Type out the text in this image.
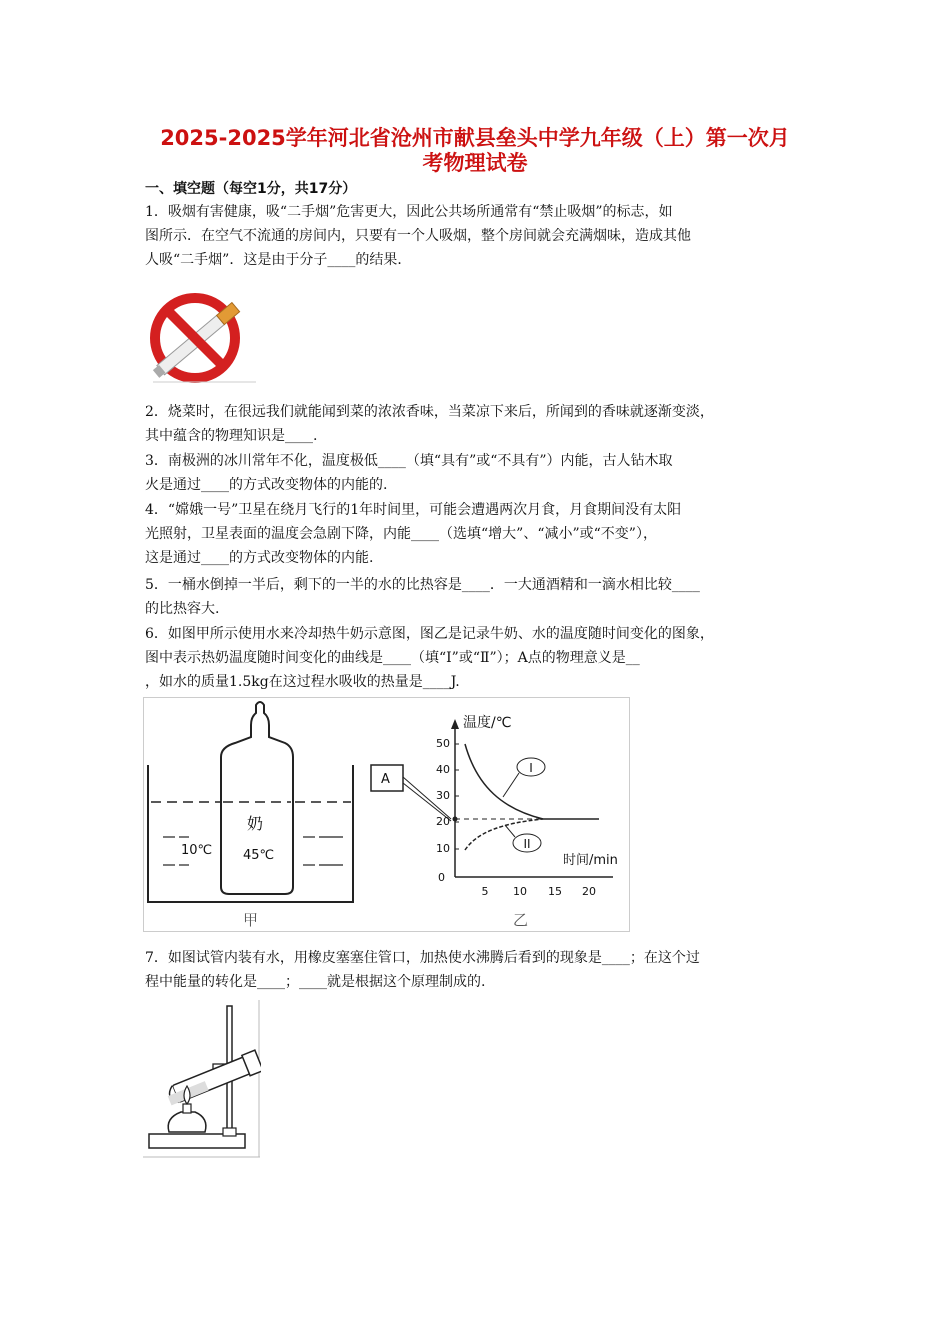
2025-2025学年河北省沧州市献县垒头中学九年级（上）第一次月
考物理试卷
一、填空题（每空1分，共17分）

1．吸烟有害健康，吸“二手烟”危害更大，因此公共场所通常有“禁止吸烟”的标志，如

图所示．在空气不流通的房间内，只要有一个人吸烟，整个房间就会充满烟味，造成其他

人吸“二手烟”．这是由于分子____的结果．

2．烧菜时，在很远我们就能闻到菜的浓浓香味，当菜凉下来后，所闻到的香味就逐渐变淡，

其中蕴含的物理知识是____.

3．南极洲的冰川常年不化，温度极低____（填“具有”或“不具有”）内能，古人钻木取

火是通过____的方式改变物体的内能的.

4．“嫦娥一号”卫星在绕月飞行的1年时间里，可能会遭遇两次月食，月食期间没有太阳

光照射，卫星表面的温度会急剧下降，内能____（选填“增大”、“减小”或“不变”），

这是通过____的方式改变物体的内能.

5．一桶水倒掉一半后，剩下的一半的水的比热容是____．一大通酒精和一滴水相比较____

的比热容大.

6．如图甲所示使用水来冷却热牛奶示意图，图乙是记录牛奶、水的温度随时间变化的图象，

图中表示热奶温度随时间变化的曲线是____（填“Ⅰ”或“Ⅱ”）；A点的物理意义是__

，如水的质量1.5kg在这过程水吸收的热量是____J.

10℃
奶
45℃
甲
A
温度/℃
时间/min
0
10
20
30
40
50
5 10 15 20
I
II
乙

7．如图试管内装有水，用橡皮塞塞住管口，加热使水沸腾后看到的现象是____；在这个过

程中能量的转化是____；____就是根据这个原理制成的.
